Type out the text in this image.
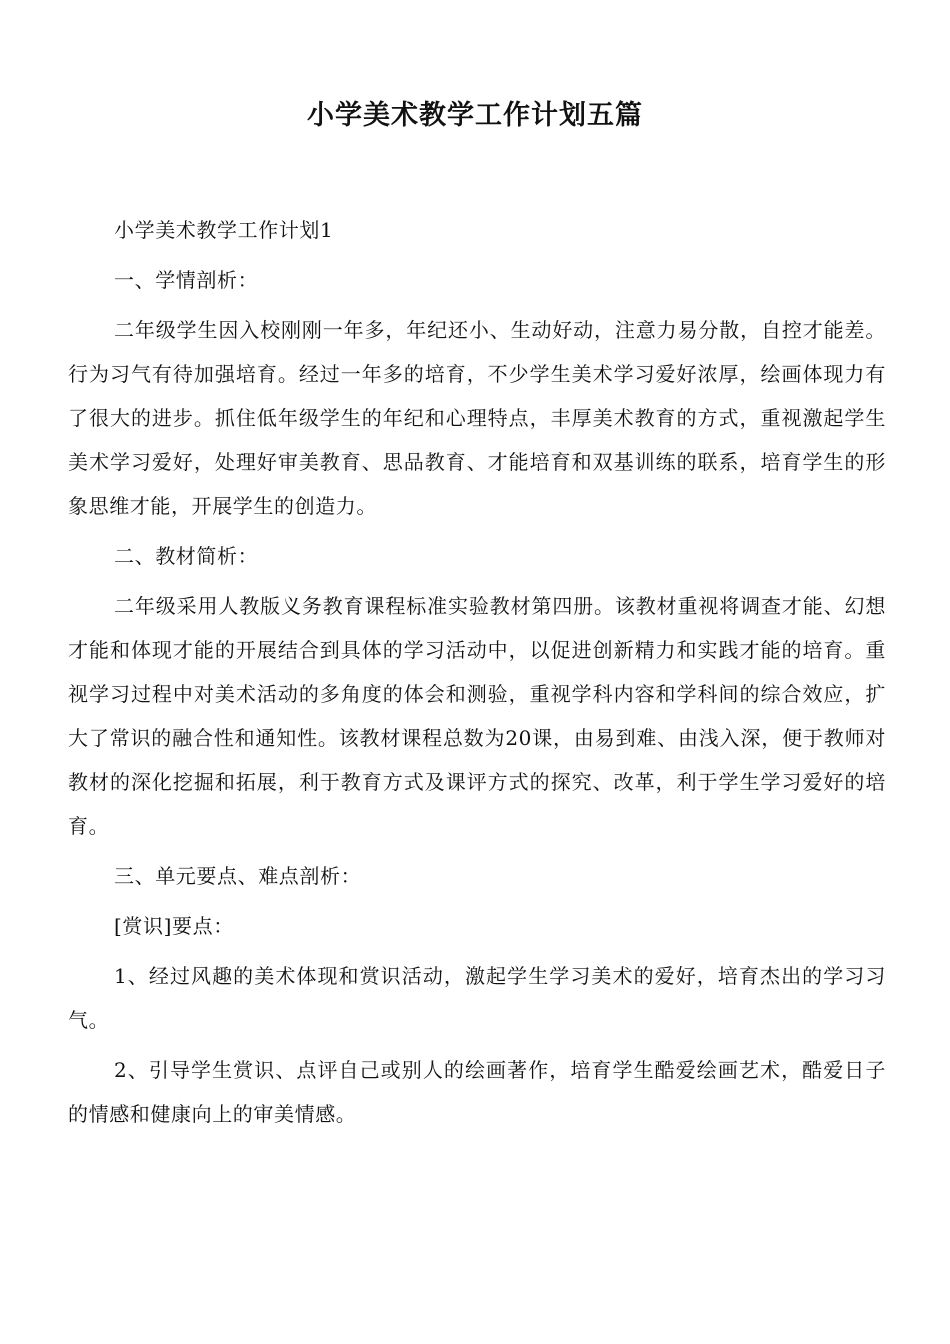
小学美术教学工作计划五篇

小学美术教学工作计划1

一、学情剖析：

二年级学生因入校刚刚一年多，年纪还小、生动好动，注意力易分散，自控才能差。行为习气有待加强培育。经过一年多的培育，不少学生美术学习爱好浓厚，绘画体现力有了很大的进步。抓住低年级学生的年纪和心理特点，丰厚美术教育的方式，重视激起学生美术学习爱好，处理好审美教育、思品教育、才能培育和双基训练的联系，培育学生的形象思维才能，开展学生的创造力。

二、教材简析：

二年级采用人教版义务教育课程标准实验教材第四册。该教材重视将调查才能、幻想才能和体现才能的开展结合到具体的学习活动中，以促进创新精力和实践才能的培育。重视学习过程中对美术活动的多角度的体会和测验，重视学科内容和学科间的综合效应，扩大了常识的融合性和通知性。该教材课程总数为20课，由易到难、由浅入深，便于教师对教材的深化挖掘和拓展，利于教育方式及课评方式的探究、改革，利于学生学习爱好的培育。

三、单元要点、难点剖析：

[赏识]要点：

1、经过风趣的美术体现和赏识活动，激起学生学习美术的爱好，培育杰出的学习习气。

2、引导学生赏识、点评自己或别人的绘画著作，培育学生酷爱绘画艺术，酷爱日子的情感和健康向上的审美情感。
